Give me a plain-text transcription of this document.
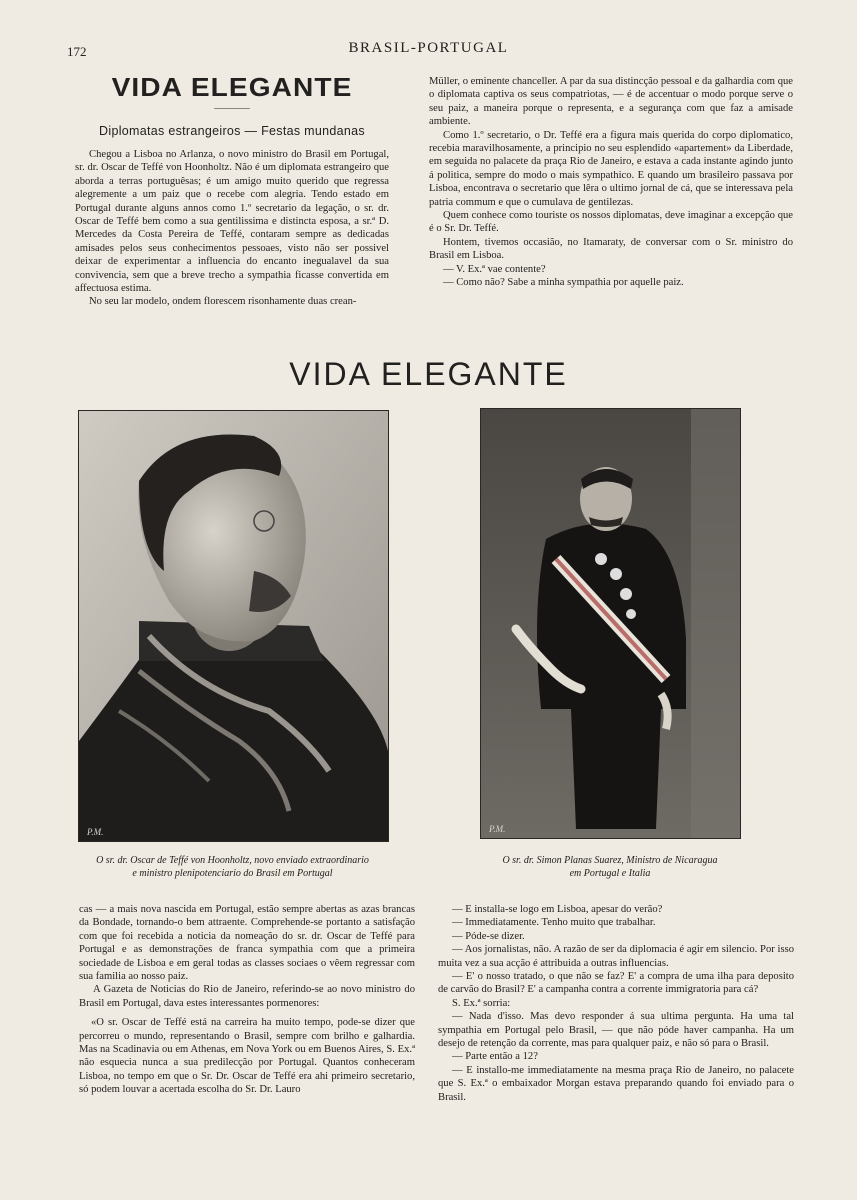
172	BRASIL-PORTUGAL
VIDA ELEGANTE
Diplomatas estrangeiros — Festas mundanas

Chegou a Lisboa no Arlanza, o novo ministro do Brasil em Portugal, sr. dr. Oscar de Teffé von Hoonholtz. Não é um diplomata estrangeiro que aborda a terras portuguêsas; é um amigo muito querido que regressa alegremente a um paiz que o recebe com alegria. Tendo estado em Portugal durante alguns annos como 1.º secretario da legação, o sr. dr. Oscar de Teffé bem como a sua gentilissima e distincta esposa, a sr.ª D. Mercedes da Costa Pereira de Teffé, contaram sempre as dedicadas amisades pelos seus conhecimentos pessoaes, visto não ser possivel deixar de experimentar a influencia do encanto inegualavel da sua convivencia, sem que a breve trecho a sympathia ficasse convertida em affectuosa estima.

No seu lar modelo, ondem florescem risonhamente duas crean-

Müller, o eminente chanceller. A par da sua distincção pessoal e da galhardia com que o diplomata captiva os seus compatriotas, — é de accentuar o modo porque serve o seu paiz, a maneira porque o representa, e a segurança com que faz a amisade ambiente.

Como 1.º secretario, o Dr. Teffé era a figura mais querida do corpo diplomatico, recebia maravilhosamente, a principio no seu esplendido «apartement» da Liberdade, em seguida no palacete da praça Rio de Janeiro, e estava a cada instante agindo junto á politica, sempre do modo o mais sympathico. E quando um brasileiro passava por Lisboa, encontrava o secretario que lêra o ultimo jornal de cá, que se interessava pela patria commum e que o cumulava de gentilezas.

Quem conhece como touriste os nossos diplomatas, deve imaginar a excepção que é o Sr. Dr. Teffé.

Hontem, tivemos occasião, no Itamaraty, de conversar com o Sr. ministro do Brasil em Lisboa.

— V. Ex.ª vae contente?

— Como não? Sabe a minha sympathia por aquelle paiz.

VIDA ELEGANTE
P.M.	P.M.
O sr. dr. Oscar de Teffé von Hoonholtz, novo enviado extraordinario
e ministro plenipotenciario do Brasil em Portugal
O sr. dr. Simon Planas Suarez, Ministro de Nicaragua
em Portugal e Italia

cas — a mais nova nascida em Portugal, estão sempre abertas as azas brancas da Bondade, tornando-o bem attraente. Comprehende-se portanto a satisfação com que foi recebida a noticia da nomeação do sr. dr. Oscar de Teffé para Portugal e as demonstrações de franca sympathia com que a primeira sociedade de Lisboa e em geral todas as classes sociaes o vêem regressar com sua familia ao nosso paiz.

A Gazeta de Noticias do Rio de Janeiro, referindo-se ao novo ministro do Brasil em Portugal, dava estes interessantes pormenores:

«O sr. Oscar de Teffé está na carreira ha muito tempo, pode-se dizer que percorreu o mundo, representando o Brasil, sempre com brilho e galhardia. Mas na Scadinavia ou em Athenas, em Nova York ou em Buenos Aires, S. Ex.ª não esquecia nunca a sua predilecção por Portugal. Quantos conheceram Lisboa, no tempo em que o Sr. Dr. Oscar de Teffé era ahi primeiro secretario, só podem louvar a acertada escolha do Sr. Dr. Lauro

— E installa-se logo em Lisboa, apesar do verão?

— Immediatamente. Tenho muito que trabalhar.

— Póde-se dizer.

— Aos jornalistas, não. A razão de ser da diplomacia é agir em silencio. Por isso muita vez a sua acção é attribuida a outras influencias.

— E' o nosso tratado, o que não se faz? E' a compra de uma ilha para deposito de carvão do Brasil? E' a campanha contra a corrente immigratoria para cá?

S. Ex.ª sorria:

— Nada d'isso. Mas devo responder á sua ultima pergunta. Ha uma tal sympathia em Portugal pelo Brasil, — que não póde haver campanha. Ha um desejo de retenção da corrente, mas para qualquer paiz, e não só para o Brasil.

— Parte então a 12?

— E installo-me immediatamente na mesma praça Rio de Janeiro, no palacete que S. Ex.ª o embaixador Morgan estava preparando quando foi enviado para o Brasil.
